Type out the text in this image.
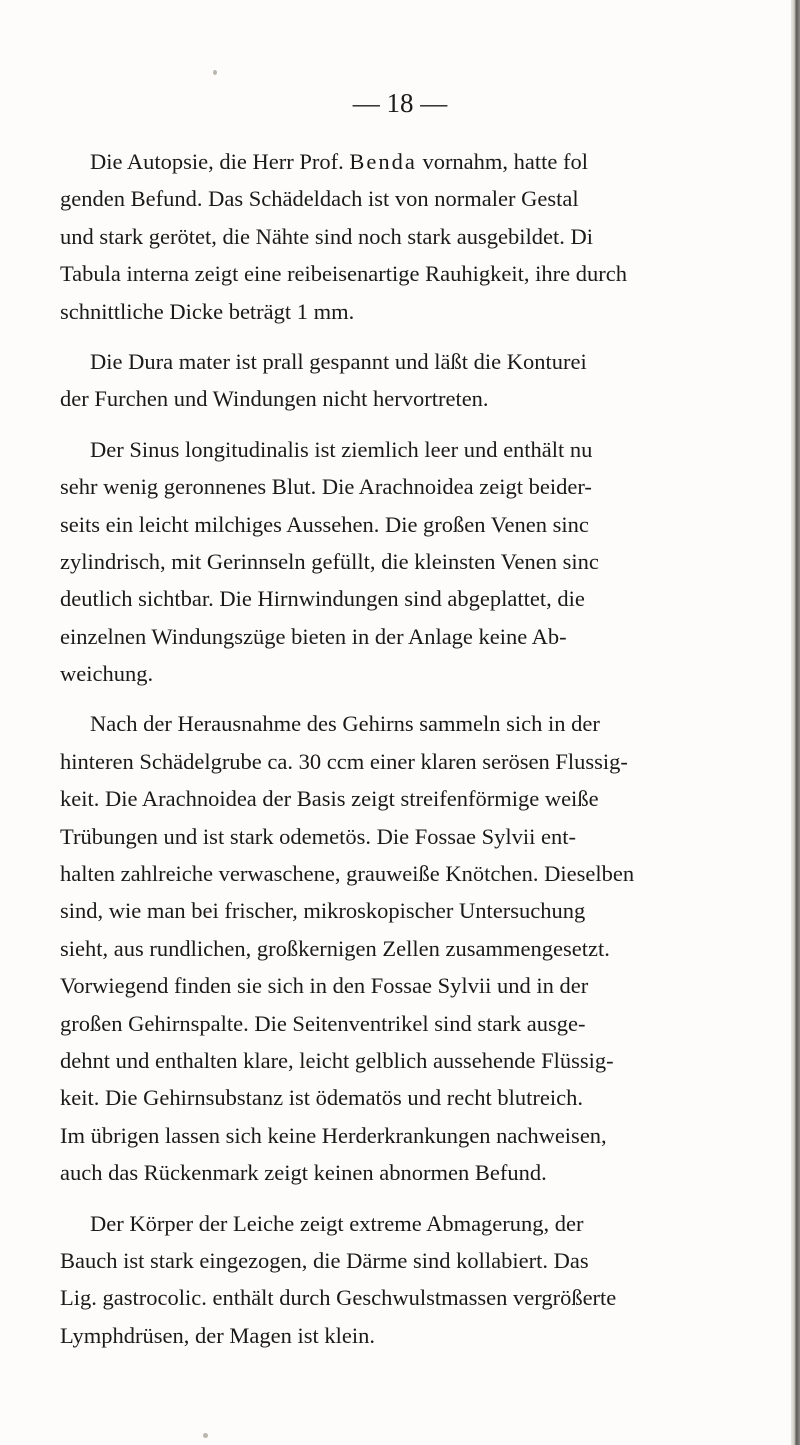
— 18 —
Die Autopsie, die Herr Prof. Benda vornahm, hatte fol
genden Befund. Das Schädeldach ist von normaler Gestal
und stark gerötet, die Nähte sind noch stark ausgebildet. Di
Tabula interna zeigt eine reibeisenartige Rauhigkeit, ihre durch
schnittliche Dicke beträgt 1 mm.
Die Dura mater ist prall gespannt und läßt die Konturei
der Furchen und Windungen nicht hervortreten.
Der Sinus longitudinalis ist ziemlich leer und enthält nu
sehr wenig geronnenes Blut. Die Arachnoidea zeigt beider-
seits ein leicht milchiges Aussehen. Die großen Venen sinc
zylindrisch, mit Gerinnseln gefüllt, die kleinsten Venen sinc
deutlich sichtbar. Die Hirnwindungen sind abgeplattet, die
einzelnen Windungszüge bieten in der Anlage keine Ab-
weichung.
Nach der Herausnahme des Gehirns sammeln sich in der
hinteren Schädelgrube ca. 30 ccm einer klaren serösen Flussig-
keit. Die Arachnoidea der Basis zeigt streifenförmige weiße
Trübungen und ist stark odemetös. Die Fossae Sylvii ent-
halten zahlreiche verwaschene, grauweiße Knötchen. Dieselben
sind, wie man bei frischer, mikroskopischer Untersuchung
sieht, aus rundlichen, großkernigen Zellen zusammengesetzt.
Vorwiegend finden sie sich in den Fossae Sylvii und in der
großen Gehirnspalte. Die Seitenventrikel sind stark ausge-
dehnt und enthalten klare, leicht gelblich aussehende Flüssig-
keit. Die Gehirnsubstanz ist ödematös und recht blutreich.
Im übrigen lassen sich keine Herderkrankungen nachweisen,
auch das Rückenmark zeigt keinen abnormen Befund.
Der Körper der Leiche zeigt extreme Abmagerung, der
Bauch ist stark eingezogen, die Därme sind kollabiert. Das
Lig. gastrocolic. enthält durch Geschwulstmassen vergrößerte
Lymphdrüsen, der Magen ist klein.
